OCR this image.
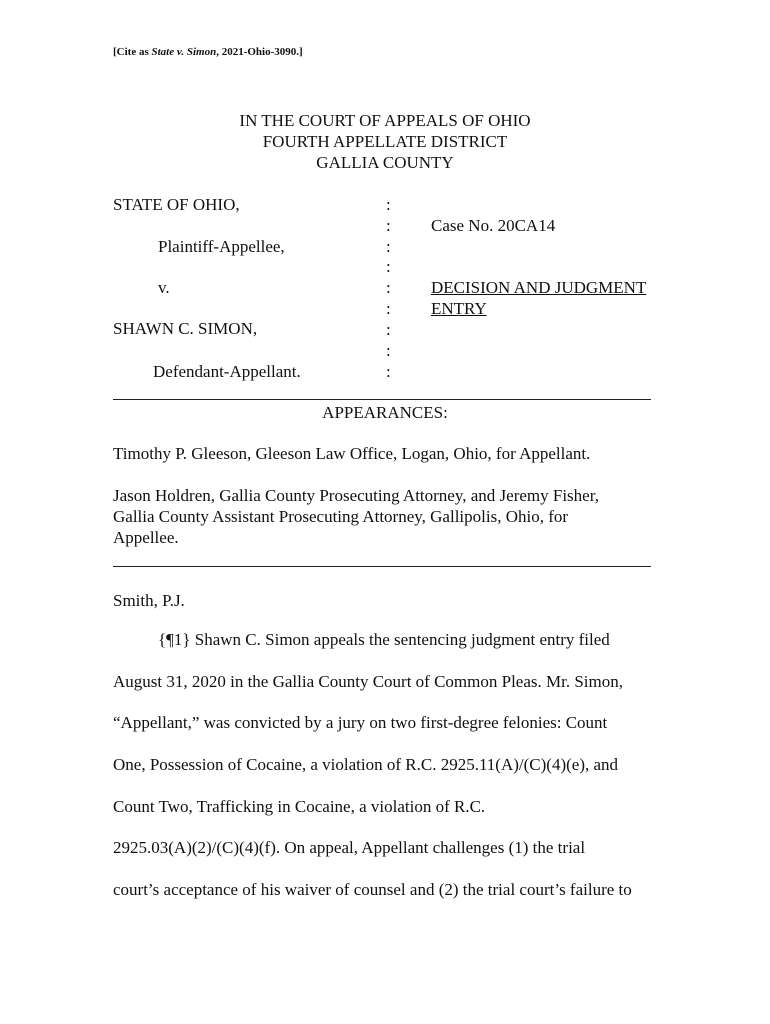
[Cite as State v. Simon, 2021-Ohio-3090.]
IN THE COURT OF APPEALS OF OHIO
FOURTH APPELLATE DISTRICT
GALLIA COUNTY
STATE OF OHIO,
Plaintiff-Appellee,
v.
SHAWN C. SIMON,
Defendant-Appellant.
:
:
:
:
:
:
:
:
:
Case No. 20CA14
DECISION AND JUDGMENT
ENTRY
APPEARANCES:
Timothy P. Gleeson, Gleeson Law Office, Logan, Ohio, for Appellant.
Jason Holdren, Gallia County Prosecuting Attorney, and Jeremy Fisher,
Gallia County Assistant Prosecuting Attorney, Gallipolis, Ohio, for
Appellee.
Smith, P.J.
{¶1} Shawn C. Simon appeals the sentencing judgment entry filed
August 31, 2020 in the Gallia County Court of Common Pleas. Mr. Simon,
“Appellant,” was convicted by a jury on two first-degree felonies: Count
One, Possession of Cocaine, a violation of R.C. 2925.11(A)/(C)(4)(e), and
Count Two, Trafficking in Cocaine, a violation of R.C.
2925.03(A)(2)/(C)(4)(f). On appeal, Appellant challenges (1) the trial
court’s acceptance of his waiver of counsel and (2) the trial court’s failure to
